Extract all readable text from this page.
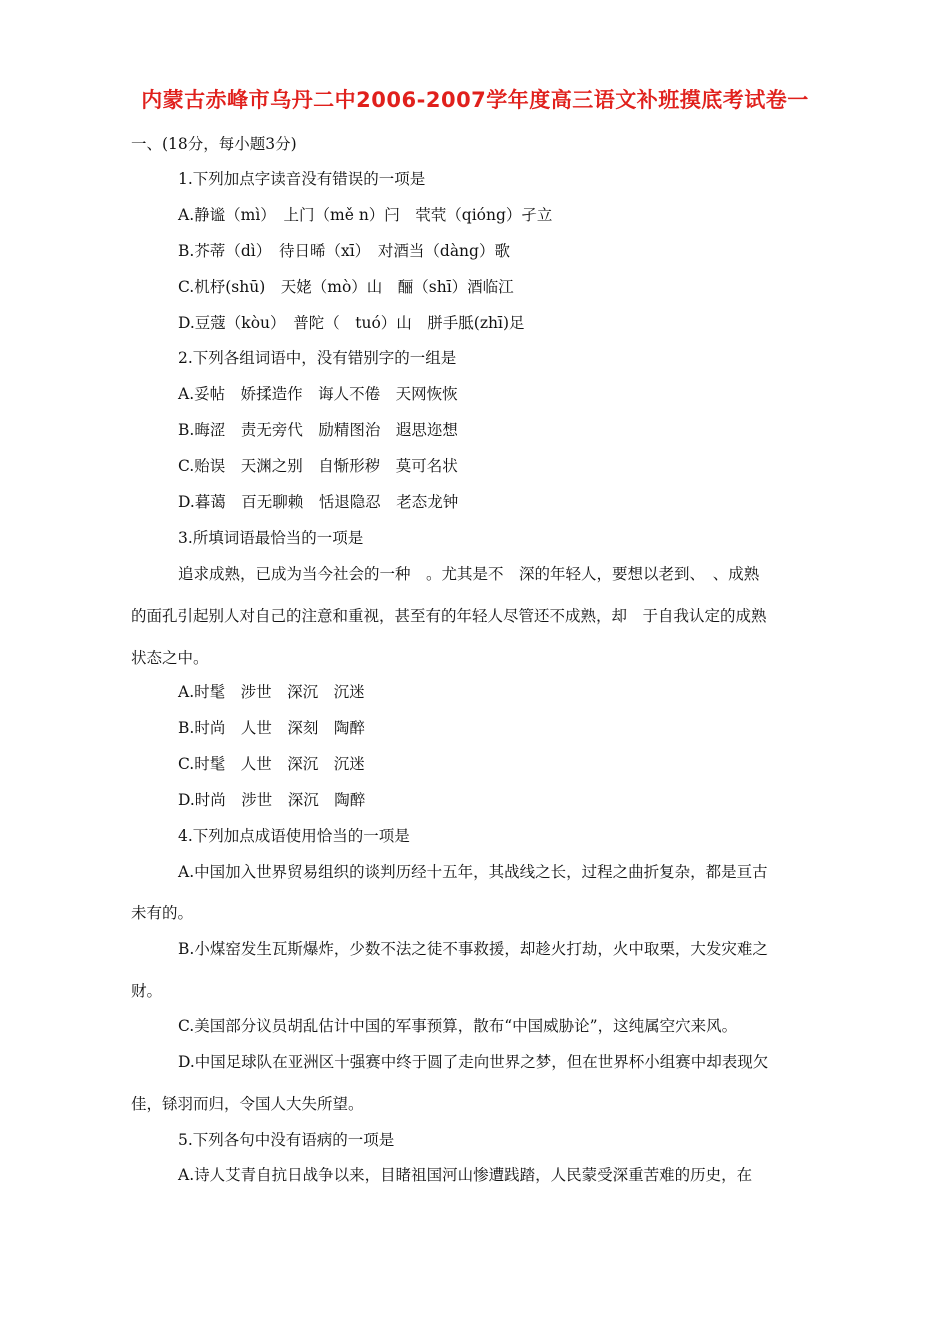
内蒙古赤峰市乌丹二中2006-2007学年度高三语文补班摸底考试卷一
一、(18分，每小题3分)
1.下列加点字读音没有错误的一项是
A.静谧（mì）　上门（mě n）闩　茕茕（qióng）孑立
B.芥蒂（dì）　待日晞（xī）　对酒当（dàng）歌
C.机杼(shū)　天姥（mò）山　酾（shī）酒临江
D.豆蔻（kòu）　普陀（　tuó）山　胼手胝(zhī)足
2.下列各组词语中，没有错别字的一组是
A.妥帖　娇揉造作　诲人不倦　天网恢恢
B.晦涩　责无旁代　励精图治　遐思迩想
C.贻误　天渊之别　自惭形秽　莫可名状
D.暮蔼　百无聊赖　恬退隐忍　老态龙钟
3.所填词语最恰当的一项是
追求成熟，已成为当今社会的一种　。尤其是不　深的年轻人，要想以老到、　、成熟
的面孔引起别人对自己的注意和重视，甚至有的年轻人尽管还不成熟，却　于自我认定的成熟
状态之中。
A.时髦　涉世　深沉　沉迷
B.时尚　人世　深刻　陶醉
C.时髦　人世　深沉　沉迷
D.时尚　涉世　深沉　陶醉
4.下列加点成语使用恰当的一项是
A.中国加入世界贸易组织的谈判历经十五年，其战线之长，过程之曲折复杂，都是亘古
未有的。
B.小煤窑发生瓦斯爆炸，少数不法之徒不事救援，却趁火打劫，火中取栗，大发灾难之
财。
C.美国部分议员胡乱估计中国的军事预算，散布“中国威胁论”，这纯属空穴来风。
D.中国足球队在亚洲区十强赛中终于圆了走向世界之梦，但在世界杯小组赛中却表现欠
佳，铩羽而归，令国人大失所望。
5.下列各句中没有语病的一项是
A.诗人艾青自抗日战争以来，目睹祖国河山惨遭践踏，人民蒙受深重苦难的历史，在
